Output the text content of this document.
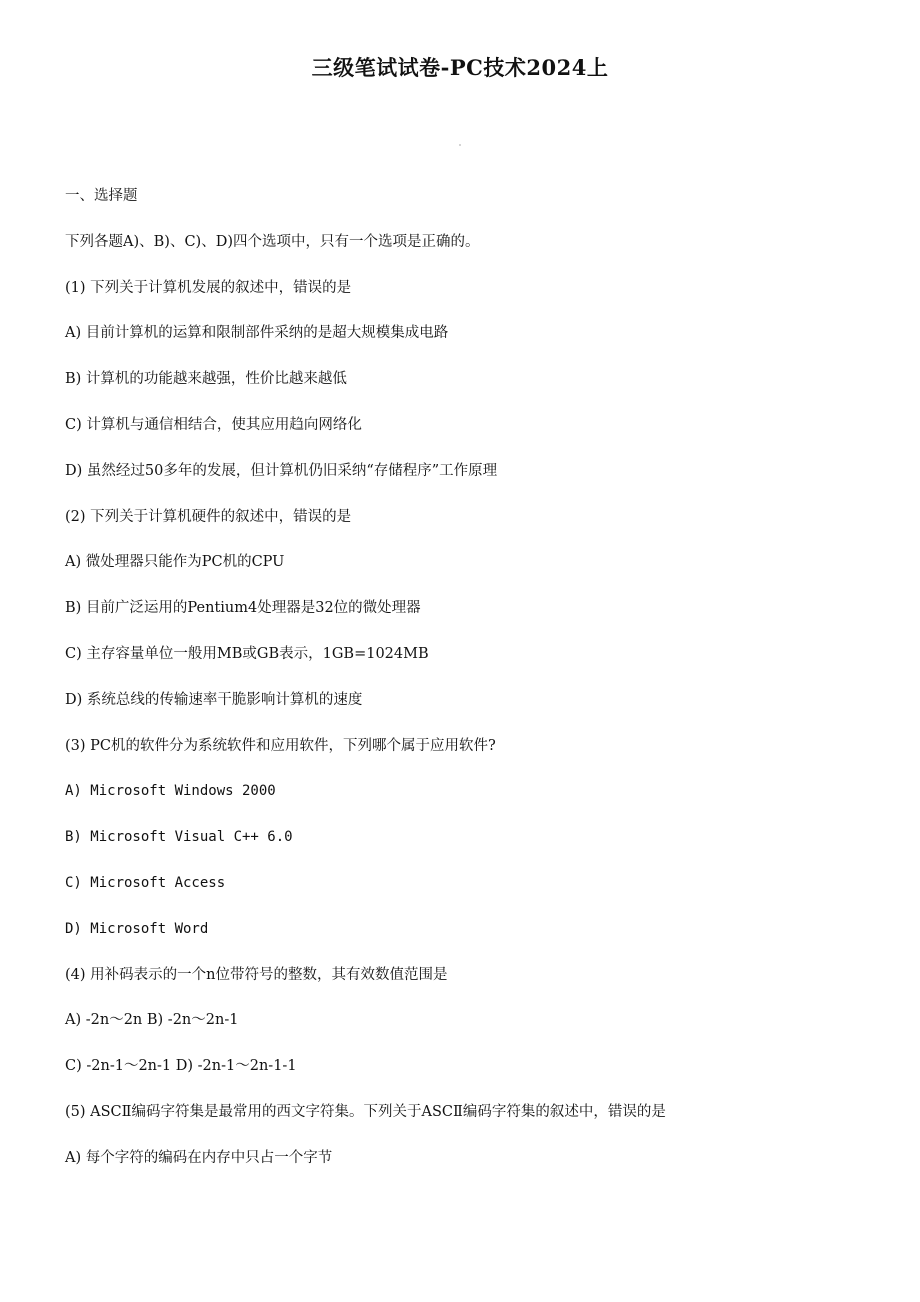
三级笔试试卷-PC技术2024上
一、选择题
下列各题A)、B)、C)、D)四个选项中，只有一个选项是正确的。
(1) 下列关于计算机发展的叙述中，错误的是
A) 目前计算机的运算和限制部件采纳的是超大规模集成电路
B) 计算机的功能越来越强，性价比越来越低
C) 计算机与通信相结合，使其应用趋向网络化
D) 虽然经过50多年的发展，但计算机仍旧采纳“存储程序”工作原理
(2) 下列关于计算机硬件的叙述中，错误的是
A) 微处理器只能作为PC机的CPU
B) 目前广泛运用的Pentium4处理器是32位的微处理器
C) 主存容量单位一般用MB或GB表示，1GB=1024MB
D) 系统总线的传输速率干脆影响计算机的速度
(3) PC机的软件分为系统软件和应用软件，下列哪个属于应用软件?
A) Microsoft Windows 2000
B) Microsoft Visual C++ 6.0
C) Microsoft Access
D) Microsoft Word
(4) 用补码表示的一个n位带符号的整数，其有效数值范围是
A) -2n～2n B) -2n～2n-1
C) -2n-1～2n-1 D) -2n-1～2n-1-1
(5) ASCⅡ编码字符集是最常用的西文字符集。下列关于ASCⅡ编码字符集的叙述中，错误的是
A) 每个字符的编码在内存中只占一个字节
